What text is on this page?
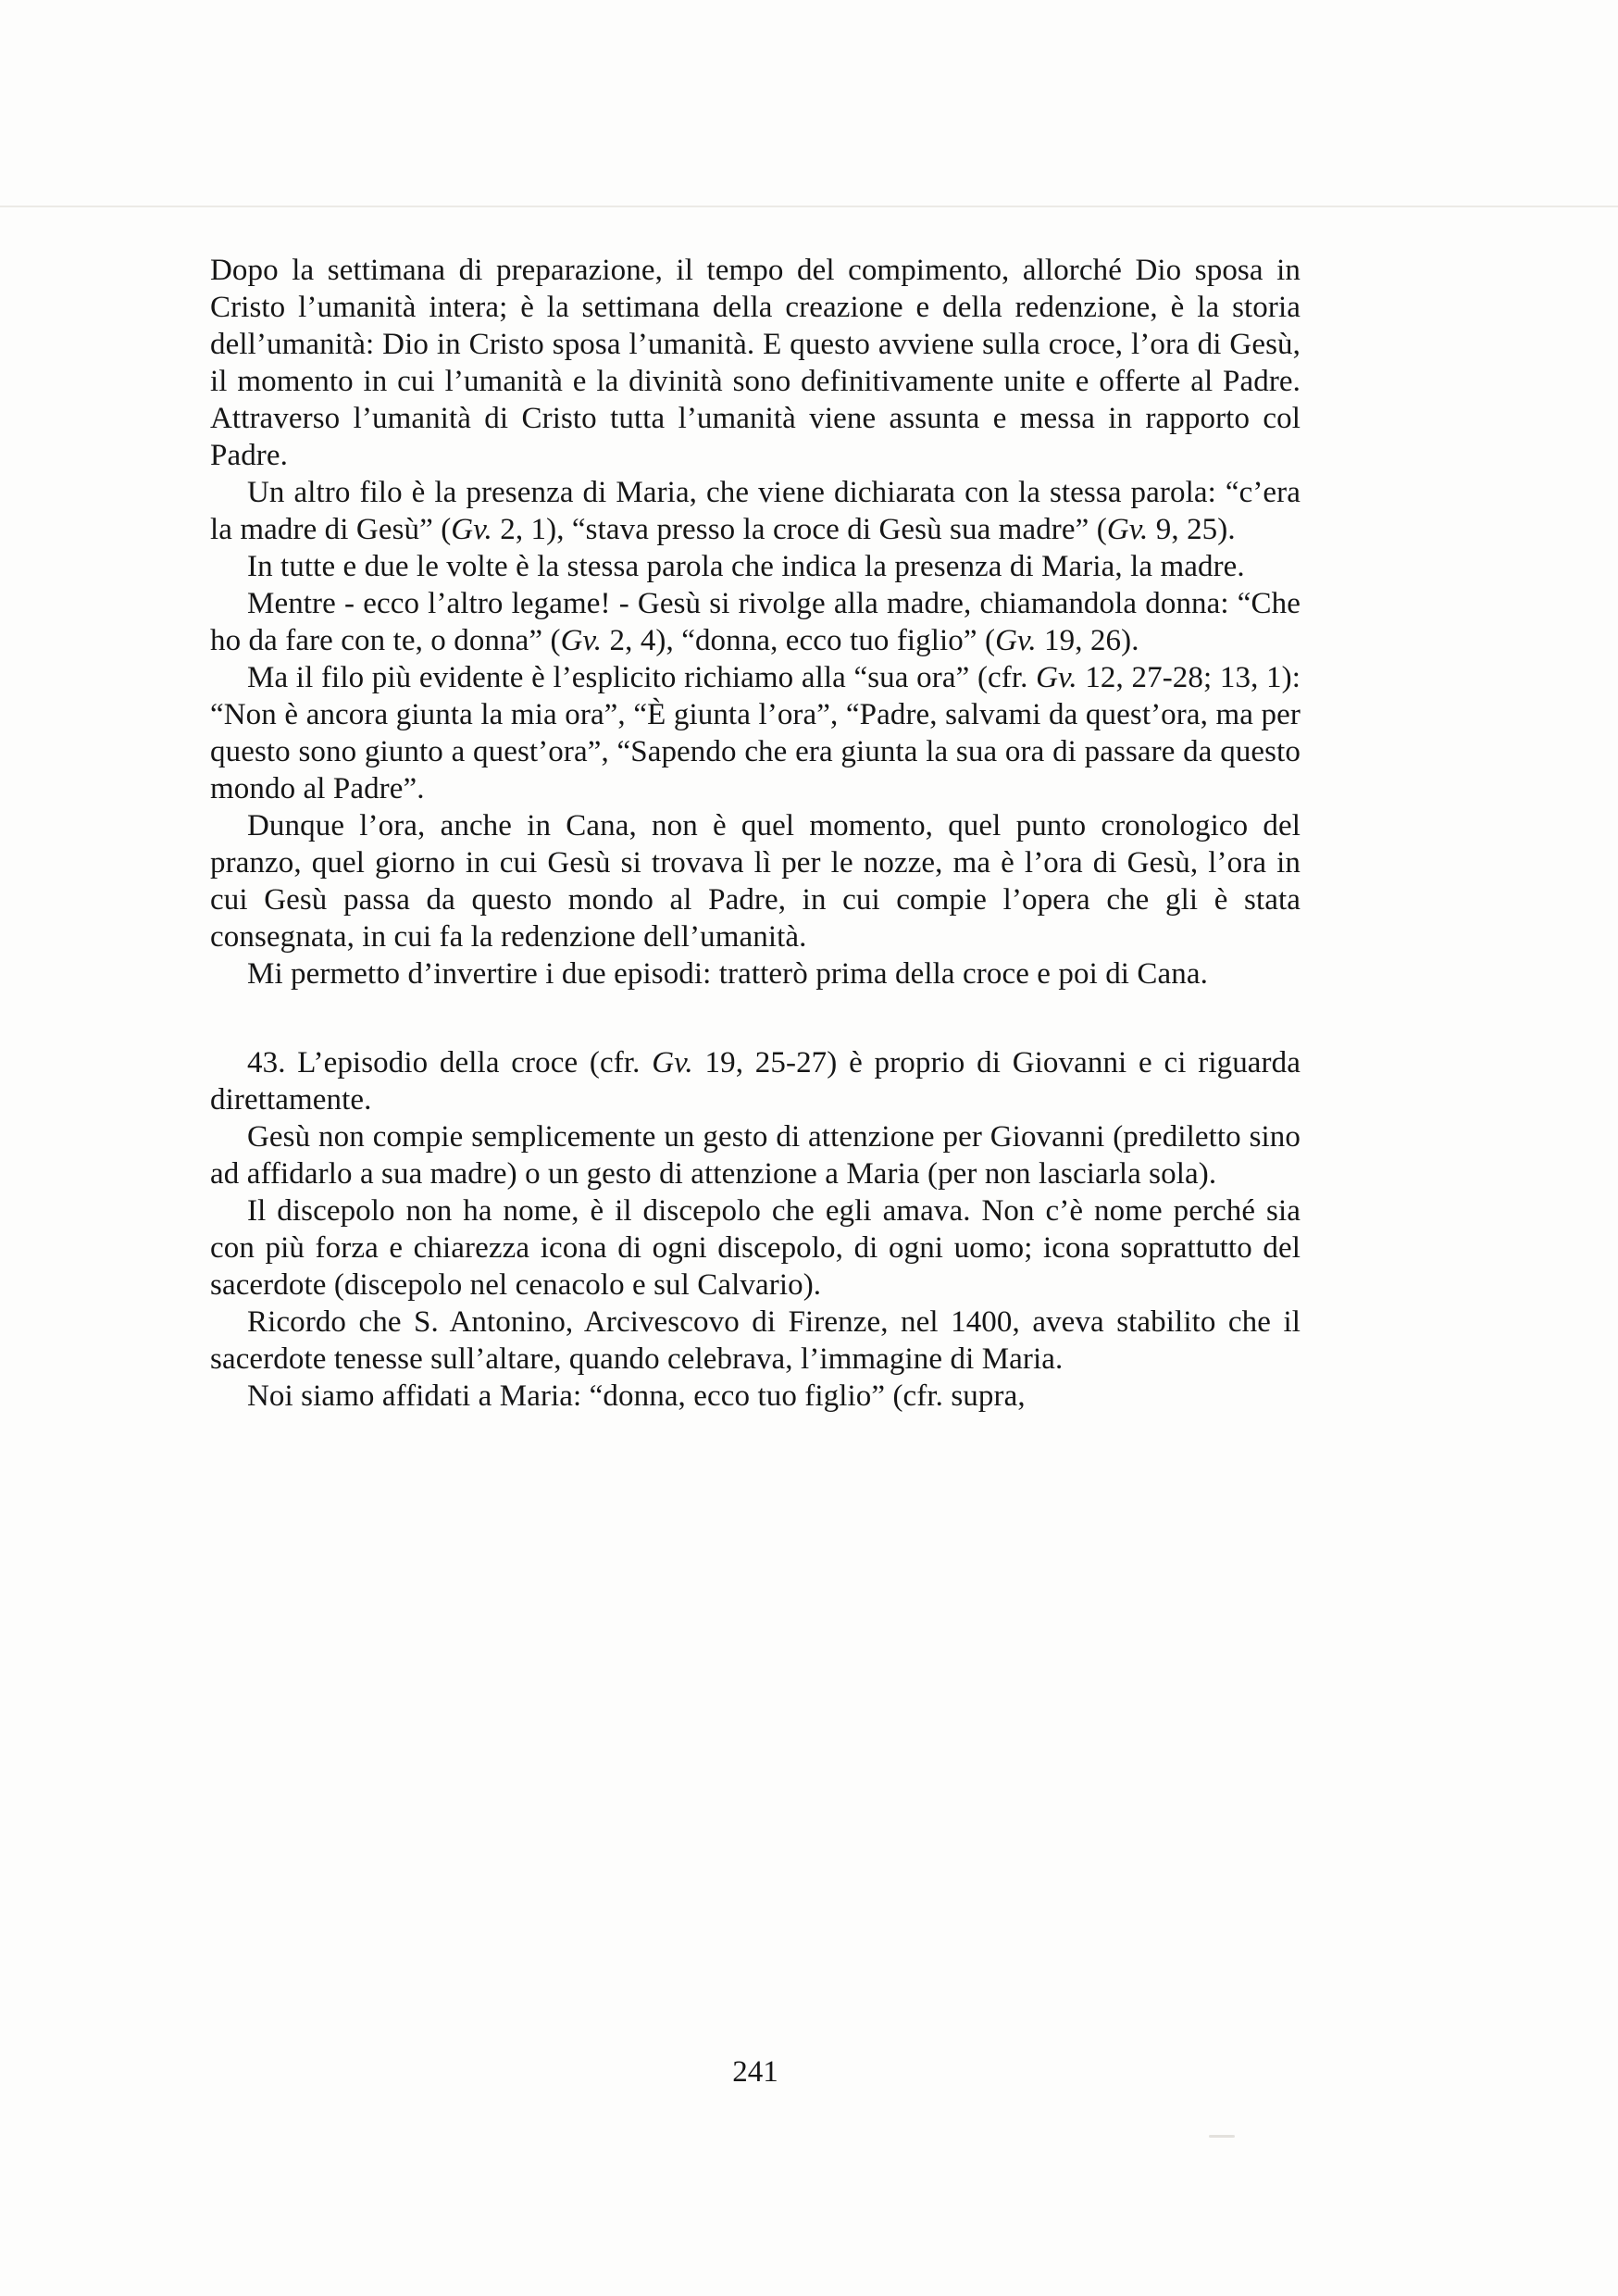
Dopo la settimana di preparazione, il tempo del compimento, allorché Dio sposa in Cristo l’umanità intera; è la settimana della creazione e della redenzione, è la storia dell’umanità: Dio in Cristo sposa l’umanità. E questo avviene sulla croce, l’ora di Gesù, il momento in cui l’umanità e la divinità sono definitivamente unite e offerte al Padre. Attraverso l’umanità di Cristo tutta l’umanità viene assunta e messa in rapporto col Padre.

Un altro filo è la presenza di Maria, che viene dichiarata con la stessa parola: “c’era la madre di Gesù” (Gv. 2, 1), “stava presso la croce di Gesù sua madre” (Gv. 9, 25).

In tutte e due le volte è la stessa parola che indica la presenza di Maria, la madre.

Mentre - ecco l’altro legame! - Gesù si rivolge alla madre, chiamandola donna: “Che ho da fare con te, o donna” (Gv. 2, 4), “donna, ecco tuo figlio” (Gv. 19, 26).

Ma il filo più evidente è l’esplicito richiamo alla “sua ora” (cfr. Gv. 12, 27-28; 13, 1): “Non è ancora giunta la mia ora”, “È giunta l’ora”, “Padre, salvami da quest’ora, ma per questo sono giunto a quest’ora”, “Sapendo che era giunta la sua ora di passare da questo mondo al Padre”.

Dunque l’ora, anche in Cana, non è quel momento, quel punto cronologico del pranzo, quel giorno in cui Gesù si trovava lì per le nozze, ma è l’ora di Gesù, l’ora in cui Gesù passa da questo mondo al Padre, in cui compie l’opera che gli è stata consegnata, in cui fa la redenzione dell’umanità.

Mi permetto d’invertire i due episodi: tratterò prima della croce e poi di Cana.

43. L’episodio della croce (cfr. Gv. 19, 25-27) è proprio di Giovanni e ci riguarda direttamente.

Gesù non compie semplicemente un gesto di attenzione per Giovanni (prediletto sino ad affidarlo a sua madre) o un gesto di attenzione a Maria (per non lasciarla sola).

Il discepolo non ha nome, è il discepolo che egli amava. Non c’è nome perché sia con più forza e chiarezza icona di ogni discepolo, di ogni uomo; icona soprattutto del sacerdote (discepolo nel cenacolo e sul Calvario).

Ricordo che S. Antonino, Arcivescovo di Firenze, nel 1400, aveva stabilito che il sacerdote tenesse sull’altare, quando celebrava, l’immagine di Maria.

Noi siamo affidati a Maria: “donna, ecco tuo figlio” (cfr. supra,

241
